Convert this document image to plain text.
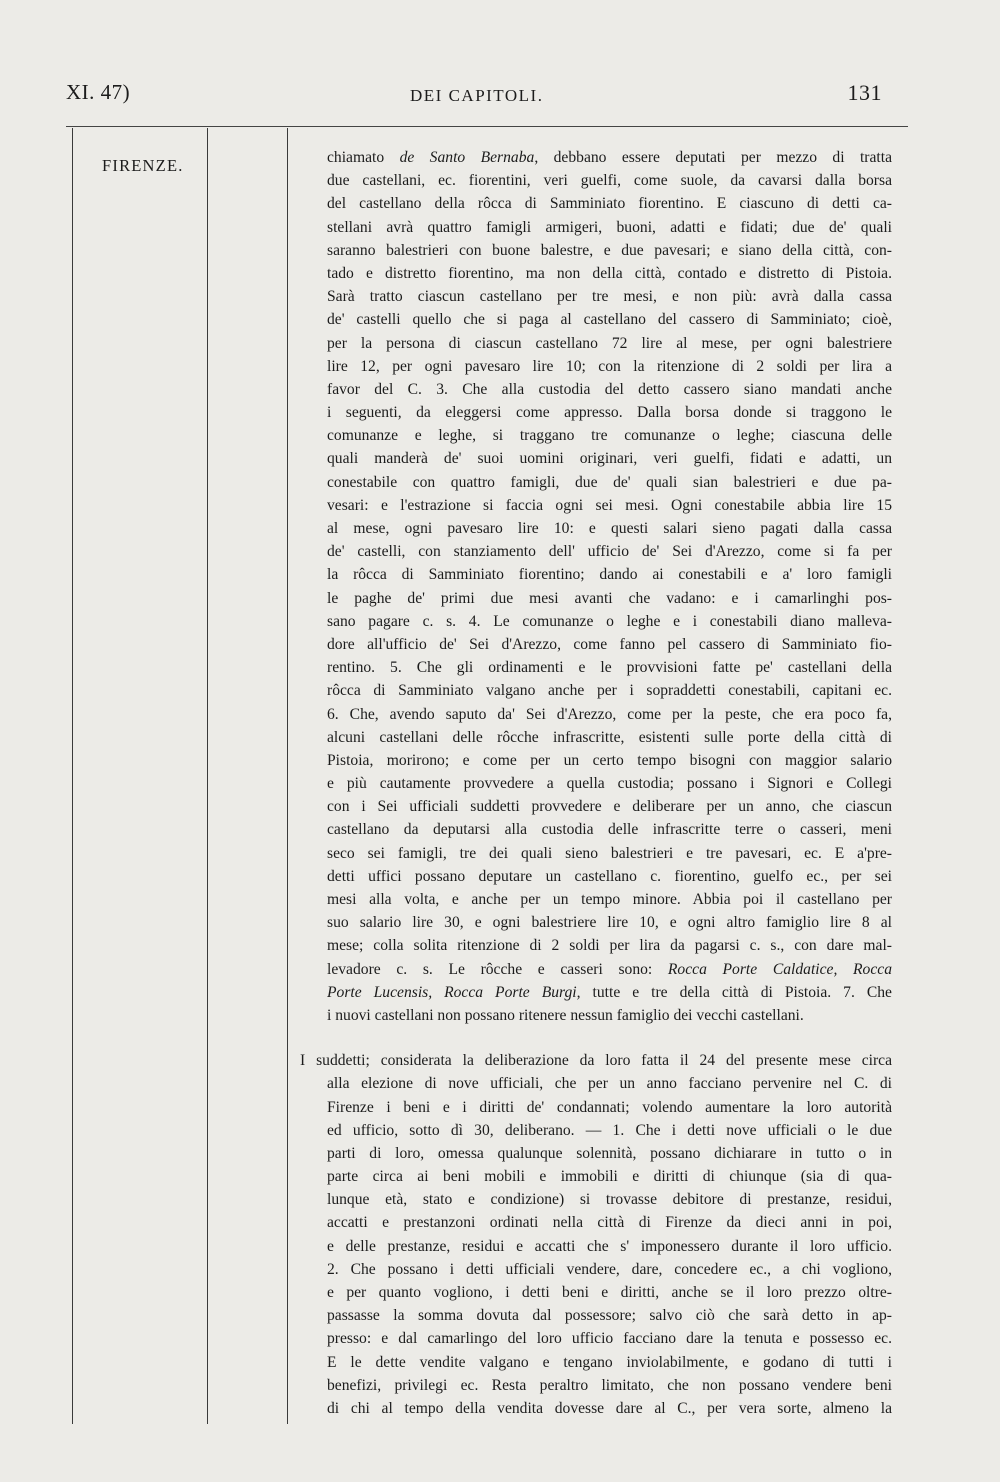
XI. 47)	DEI CAPITOLI.	131
FIRENZE.	chiamato de Santo Bernaba, debbano essere deputati per mezzo di tratta
due castellani, ec. fiorentini, veri guelfi, come suole, da cavarsi dalla borsa
del castellano della rôcca di Samminiato fiorentino. E ciascuno di detti ca-
stellani avrà quattro famigli armigeri, buoni, adatti e fidati; due de' quali
saranno balestrieri con buone balestre, e due pavesari; e siano della città, con-
tado e distretto fiorentino, ma non della città, contado e distretto di Pistoia.
Sarà tratto ciascun castellano per tre mesi, e non più: avrà dalla cassa
de' castelli quello che si paga al castellano del cassero di Samminiato; cioè,
per la persona di ciascun castellano 72 lire al mese, per ogni balestriere
lire 12, per ogni pavesaro lire 10; con la ritenzione di 2 soldi per lira a
favor del C. 3. Che alla custodia del detto cassero siano mandati anche
i seguenti, da eleggersi come appresso. Dalla borsa donde si traggono le
comunanze e leghe, si traggano tre comunanze o leghe; ciascuna delle
quali manderà de' suoi uomini originari, veri guelfi, fidati e adatti, un
conestabile con quattro famigli, due de' quali sian balestrieri e due pa-
vesari: e l'estrazione si faccia ogni sei mesi. Ogni conestabile abbia lire 15
al mese, ogni pavesaro lire 10: e questi salari sieno pagati dalla cassa
de' castelli, con stanziamento dell' ufficio de' Sei d'Arezzo, come si fa per
la rôcca di Samminiato fiorentino; dando ai conestabili e a' loro famigli
le paghe de' primi due mesi avanti che vadano: e i camarlinghi pos-
sano pagare c. s. 4. Le comunanze o leghe e i conestabili diano malleva-
dore all'ufficio de' Sei d'Arezzo, come fanno pel cassero di Samminiato fio-
rentino. 5. Che gli ordinamenti e le provvisioni fatte pe' castellani della
rôcca di Samminiato valgano anche per i sopraddetti conestabili, capitani ec.
6. Che, avendo saputo da' Sei d'Arezzo, come per la peste, che era poco fa,
alcuni castellani delle rôcche infrascritte, esistenti sulle porte della città di
Pistoia, morirono; e come per un certo tempo bisogni con maggior salario
e più cautamente provvedere a quella custodia; possano i Signori e Collegi
con i Sei ufficiali suddetti provvedere e deliberare per un anno, che ciascun
castellano da deputarsi alla custodia delle infrascritte terre o casseri, meni
seco sei famigli, tre dei quali sieno balestrieri e tre pavesari, ec. E a'pre-
detti uffici possano deputare un castellano c. fiorentino, guelfo ec., per sei
mesi alla volta, e anche per un tempo minore. Abbia poi il castellano per
suo salario lire 30, e ogni balestriere lire 10, e ogni altro famiglio lire 8 al
mese; colla solita ritenzione di 2 soldi per lira da pagarsi c. s., con dare mal-
levadore c. s. Le rôcche e casseri sono: Rocca Porte Caldatice, Rocca
Porte Lucensis, Rocca Porte Burgi, tutte e tre della città di Pistoia. 7. Che
i nuovi castellani non possano ritenere nessun famiglio dei vecchi castellani.
I suddetti; considerata la deliberazione da loro fatta il 24 del presente mese circa
alla elezione di nove ufficiali, che per un anno facciano pervenire nel C. di
Firenze i beni e i diritti de' condannati; volendo aumentare la loro autorità
ed ufficio, sotto dì 30, deliberano. — 1. Che i detti nove ufficiali o le due
parti di loro, omessa qualunque solennità, possano dichiarare in tutto o in
parte circa ai beni mobili e immobili e diritti di chiunque (sia di qua-
lunque età, stato e condizione) si trovasse debitore di prestanze, residui,
accatti e prestanzoni ordinati nella città di Firenze da dieci anni in poi,
e delle prestanze, residui e accatti che s' imponessero durante il loro ufficio.
2. Che possano i detti ufficiali vendere, dare, concedere ec., a chi vogliono,
e per quanto vogliono, i detti beni e diritti, anche se il loro prezzo oltre-
passasse la somma dovuta dal possessore; salvo ciò che sarà detto in ap-
presso: e dal camarlingo del loro ufficio facciano dare la tenuta e possesso ec.
E le dette vendite valgano e tengano inviolabilmente, e godano di tutti i
benefizi, privilegi ec. Resta peraltro limitato, che non possano vendere beni
di chi al tempo della vendita dovesse dare al C., per vera sorte, almeno la
